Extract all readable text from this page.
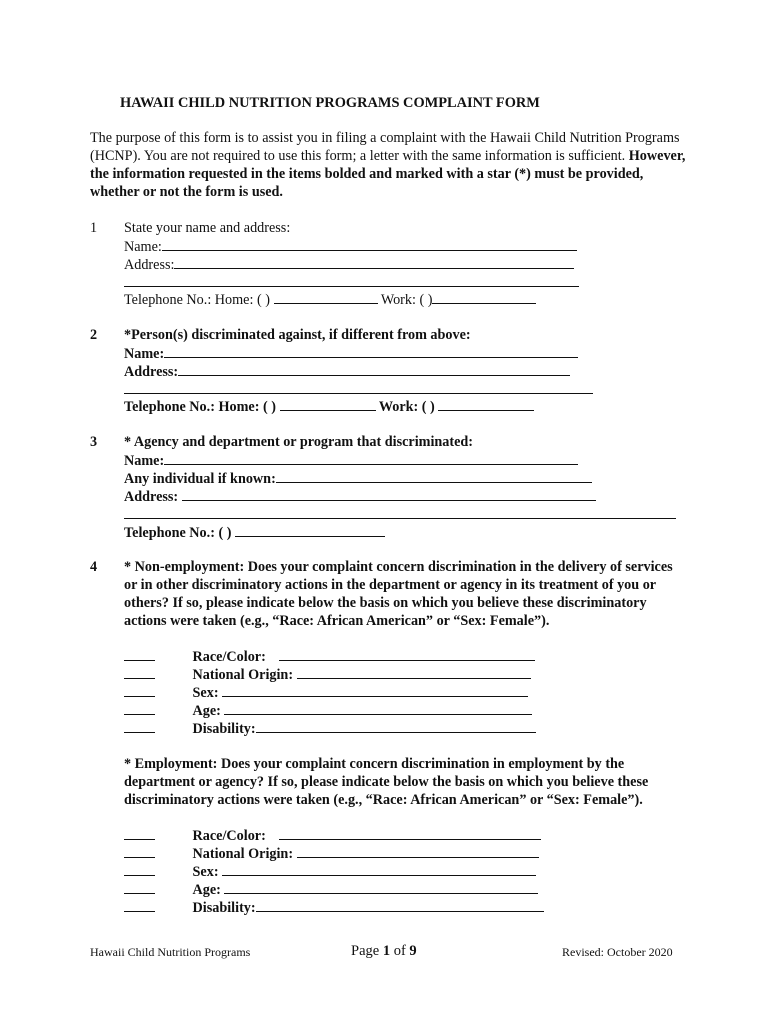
HAWAII CHILD NUTRITION PROGRAMS COMPLAINT FORM
The purpose of this form is to assist you in filing a complaint with the Hawaii Child Nutrition Programs (HCNP). You are not required to use this form; a letter with the same information is sufficient. However, the information requested in the items bolded and marked with a star (*) must be provided, whether or not the form is used.
1 State your name and address:
Name:
Address:
Telephone No.: Home: ( )	Work: ( )
2 *Person(s) discriminated against, if different from above:
Name:
Address:
Telephone No.: Home: ( )	Work: ( )
3 * Agency and department or program that discriminated:
Name:
Any individual if known:
Address:
Telephone No.: ( )
4 * Non-employment: Does your complaint concern discrimination in the delivery of services or in other discriminatory actions in the department or agency in its treatment of you or others? If so, please indicate below the basis on which you believe these discriminatory actions were taken (e.g., “Race: African American” or “Sex: Female”).
Race/Color:
National Origin:
Sex:
Age:
Disability:
* Employment: Does your complaint concern discrimination in employment by the department or agency? If so, please indicate below the basis on which you believe these discriminatory actions were taken (e.g., “Race: African American” or “Sex: Female”).
Race/Color:
National Origin:
Sex:
Age:
Disability:
Hawaii Child Nutrition Programs	Page 1 of 9	Revised: October 2020
